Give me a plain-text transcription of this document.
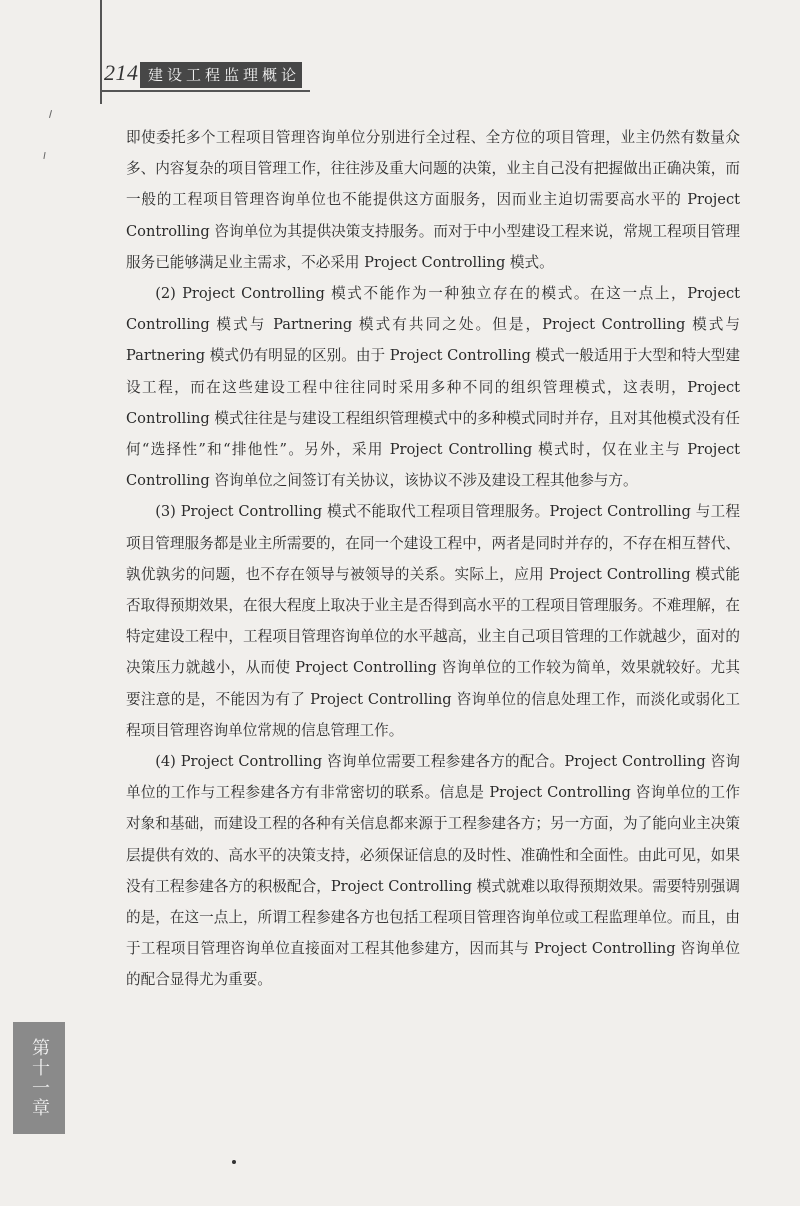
214 建设工程监理概论

即使委托多个工程项目管理咨询单位分别进行全过程、全方位的项目管理，业主仍然有数量众多、内容复杂的项目管理工作，往往涉及重大问题的决策，业主自己没有把握做出正确决策，而一般的工程项目管理咨询单位也不能提供这方面服务，因而业主迫切需要高水平的 Project Controlling 咨询单位为其提供决策支持服务。而对于中小型建设工程来说，常规工程项目管理服务已能够满足业主需求，不必采用 Project Controlling 模式。

(2) Project Controlling 模式不能作为一种独立存在的模式。在这一点上，Project Controlling 模式与 Partnering 模式有共同之处。但是，Project Controlling 模式与 Partnering 模式仍有明显的区别。由于 Project Controlling 模式一般适用于大型和特大型建设工程，而在这些建设工程中往往同时采用多种不同的组织管理模式，这表明，Project Controlling 模式往往是与建设工程组织管理模式中的多种模式同时并存，且对其他模式没有任何“选择性”和“排他性”。另外，采用 Project Controlling 模式时，仅在业主与 Project Controlling 咨询单位之间签订有关协议，该协议不涉及建设工程其他参与方。

(3) Project Controlling 模式不能取代工程项目管理服务。Project Controlling 与工程项目管理服务都是业主所需要的，在同一个建设工程中，两者是同时并存的，不存在相互替代、孰优孰劣的问题，也不存在领导与被领导的关系。实际上，应用 Project Controlling 模式能否取得预期效果，在很大程度上取决于业主是否得到高水平的工程项目管理服务。不难理解，在特定建设工程中，工程项目管理咨询单位的水平越高，业主自己项目管理的工作就越少，面对的决策压力就越小，从而使 Project Controlling 咨询单位的工作较为简单，效果就较好。尤其要注意的是，不能因为有了 Project Controlling 咨询单位的信息处理工作，而淡化或弱化工程项目管理咨询单位常规的信息管理工作。

(4) Project Controlling 咨询单位需要工程参建各方的配合。Project Controlling 咨询单位的工作与工程参建各方有非常密切的联系。信息是 Project Controlling 咨询单位的工作对象和基础，而建设工程的各种有关信息都来源于工程参建各方；另一方面，为了能向业主决策层提供有效的、高水平的决策支持，必须保证信息的及时性、准确性和全面性。由此可见，如果没有工程参建各方的积极配合，Project Controlling 模式就难以取得预期效果。需要特别强调的是，在这一点上，所谓工程参建各方也包括工程项目管理咨询单位或工程监理单位。而且，由于工程项目管理咨询单位直接面对工程其他参建方，因而其与 Project Controlling 咨询单位的配合显得尤为重要。

第十一章
